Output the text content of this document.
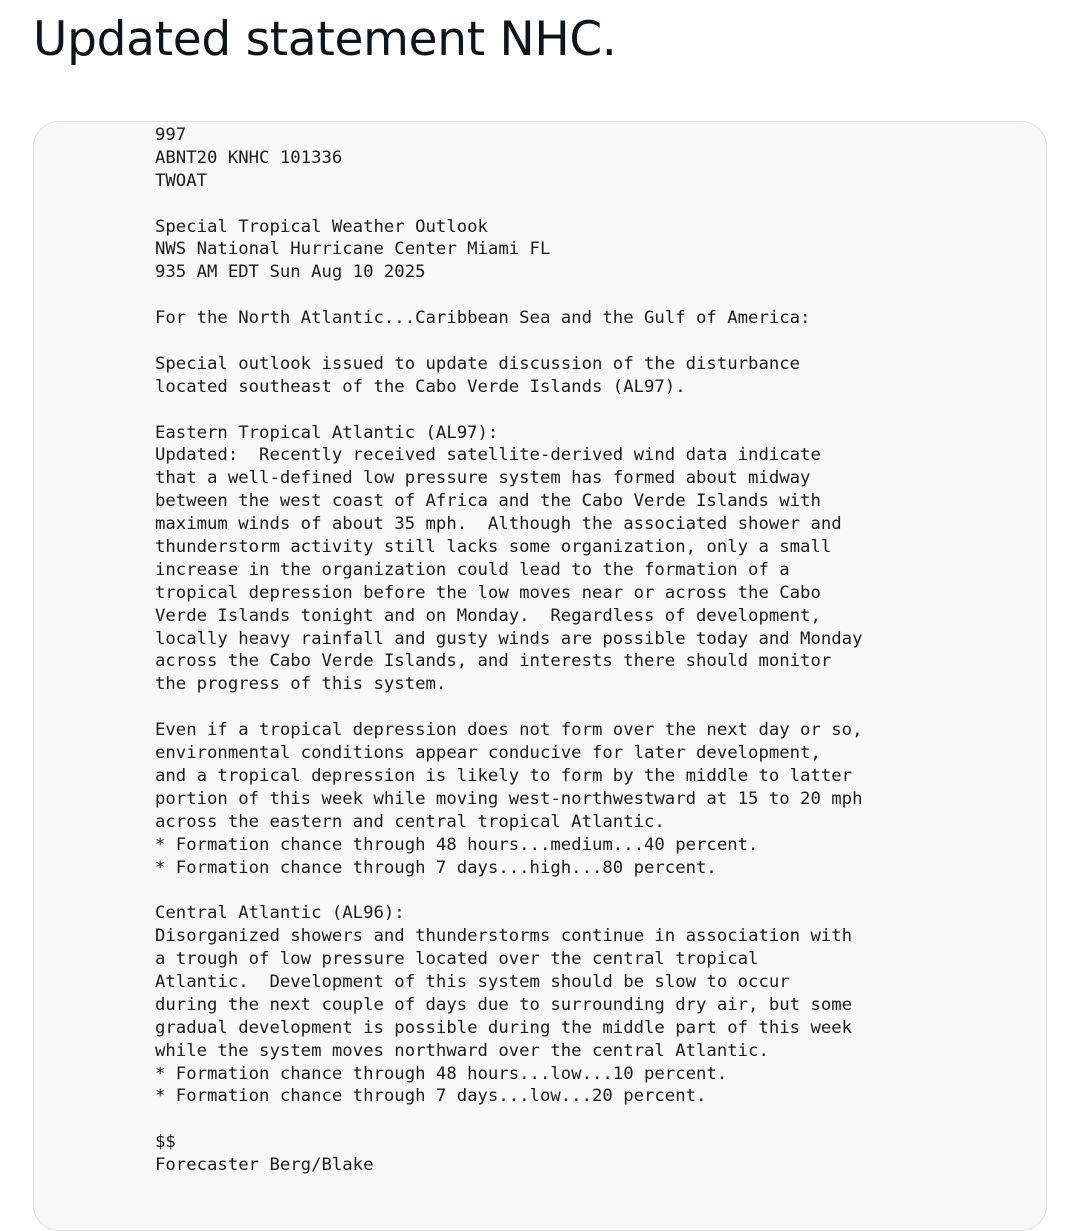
Updated statement NHC.
997
ABNT20 KNHC 101336
TWOAT
Special Tropical Weather Outlook
NWS National Hurricane Center Miami FL
935 AM EDT Sun Aug 10 2025
For the North Atlantic...Caribbean Sea and the Gulf of America:
Special outlook issued to update discussion of the disturbance
located southeast of the Cabo Verde Islands (AL97).
Eastern Tropical Atlantic (AL97):
Updated:  Recently received satellite-derived wind data indicate
that a well-defined low pressure system has formed about midway
between the west coast of Africa and the Cabo Verde Islands with
maximum winds of about 35 mph.  Although the associated shower and
thunderstorm activity still lacks some organization, only a small
increase in the organization could lead to the formation of a
tropical depression before the low moves near or across the Cabo
Verde Islands tonight and on Monday.  Regardless of development,
locally heavy rainfall and gusty winds are possible today and Monday
across the Cabo Verde Islands, and interests there should monitor
the progress of this system.
Even if a tropical depression does not form over the next day or so,
environmental conditions appear conducive for later development,
and a tropical depression is likely to form by the middle to latter
portion of this week while moving west-northwestward at 15 to 20 mph
across the eastern and central tropical Atlantic.
* Formation chance through 48 hours...medium...40 percent.
* Formation chance through 7 days...high...80 percent.
Central Atlantic (AL96):
Disorganized showers and thunderstorms continue in association with
a trough of low pressure located over the central tropical
Atlantic.  Development of this system should be slow to occur
during the next couple of days due to surrounding dry air, but some
gradual development is possible during the middle part of this week
while the system moves northward over the central Atlantic.
* Formation chance through 48 hours...low...10 percent.
* Formation chance through 7 days...low...20 percent.
$$
Forecaster Berg/Blake
